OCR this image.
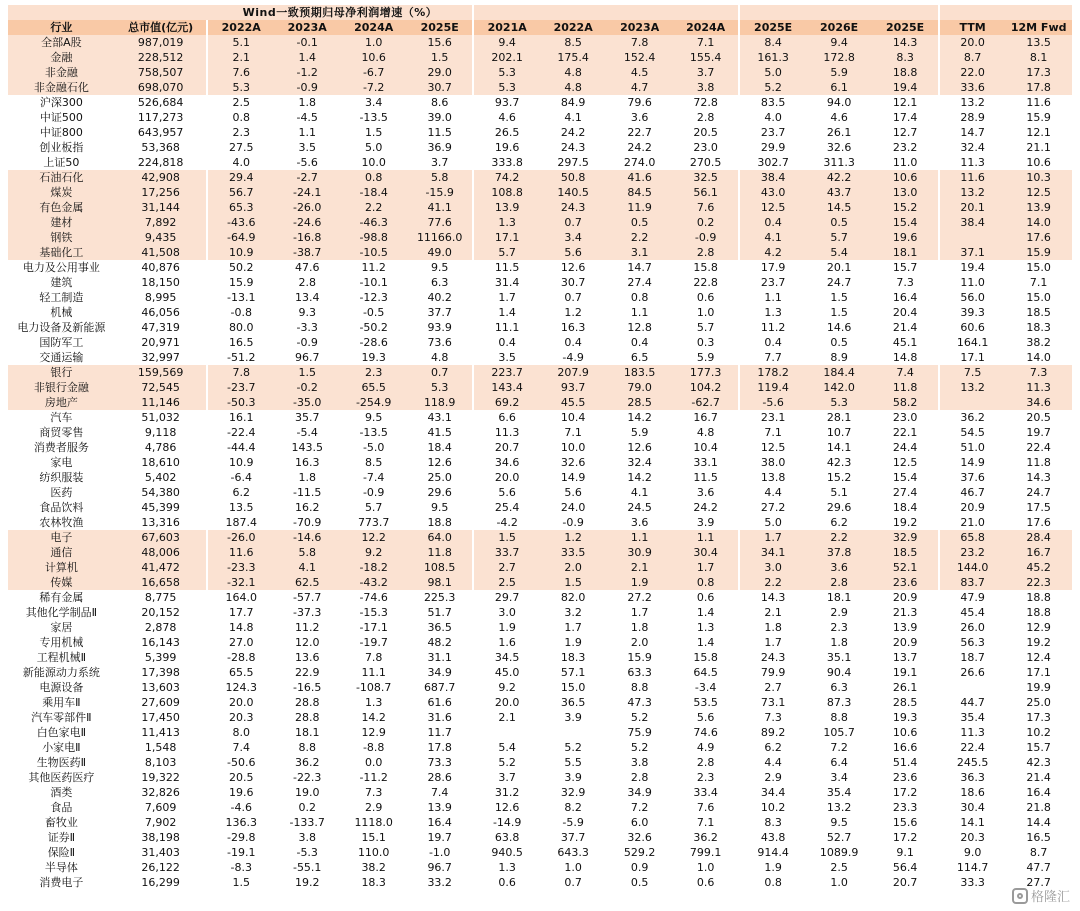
		Wind一致预期归母净利润增速（%）												
行业	总市值(亿元)	2022A	2023A	2024A	2025E	2021A	2022A	2023A	2024A	2025E	2026E	2025E	TTM	12M Fwd
全部A股	987,019	5.1	-0.1	1.0	15.6	9.4	8.5	7.8	7.1	8.4	9.4	14.3	20.0	13.5
金融	228,512	2.1	1.4	10.6	1.5	202.1	175.4	152.4	155.4	161.3	172.8	8.3	8.7	8.1
非金融	758,507	7.6	-1.2	-6.7	29.0	5.3	4.8	4.5	3.7	5.0	5.9	18.8	22.0	17.3
非金融石化	698,070	5.3	-0.9	-7.2	30.7	5.3	4.8	4.7	3.8	5.2	6.1	19.4	33.6	17.8
沪深300	526,684	2.5	1.8	3.4	8.6	93.7	84.9	79.6	72.8	83.5	94.0	12.1	13.2	11.6
中证500	117,273	0.8	-4.5	-13.5	39.0	4.6	4.1	3.6	2.8	4.0	4.6	17.4	28.9	15.9
中证800	643,957	2.3	1.1	1.5	11.5	26.5	24.2	22.7	20.5	23.7	26.1	12.7	14.7	12.1
创业板指	53,368	27.5	3.5	5.0	36.9	19.6	24.3	24.2	23.0	29.9	32.6	23.2	32.4	21.1
上证50	224,818	4.0	-5.6	10.0	3.7	333.8	297.5	274.0	270.5	302.7	311.3	11.0	11.3	10.6
石油石化	42,908	29.4	-2.7	0.8	5.8	74.2	50.8	41.6	32.5	38.4	42.2	10.6	11.6	10.3
煤炭	17,256	56.7	-24.1	-18.4	-15.9	108.8	140.5	84.5	56.1	43.0	43.7	13.0	13.2	12.5
有色金属	31,144	65.3	-26.0	2.2	41.1	13.9	24.3	11.9	7.6	12.5	14.5	15.2	20.1	13.9
建材	7,892	-43.6	-24.6	-46.3	77.6	1.3	0.7	0.5	0.2	0.4	0.5	15.4	38.4	14.0
钢铁	9,435	-64.9	-16.8	-98.8	11166.0	17.1	3.4	2.2	-0.9	4.1	5.7	19.6		17.6
基础化工	41,508	10.9	-38.7	-10.5	49.0	5.7	5.6	3.1	2.8	4.2	5.4	18.1	37.1	15.9
电力及公用事业	40,876	50.2	47.6	11.2	9.5	11.5	12.6	14.7	15.8	17.9	20.1	15.7	19.4	15.0
建筑	18,150	15.9	2.8	-10.1	6.3	31.4	30.7	27.4	22.8	23.7	24.7	7.3	11.0	7.1
轻工制造	8,995	-13.1	13.4	-12.3	40.2	1.7	0.7	0.8	0.6	1.1	1.5	16.4	56.0	15.0
机械	46,056	-0.8	9.3	-0.5	37.7	1.4	1.2	1.1	1.0	1.3	1.5	20.4	39.3	18.5
电力设备及新能源	47,319	80.0	-3.3	-50.2	93.9	11.1	16.3	12.8	5.7	11.2	14.6	21.4	60.6	18.3
国防军工	20,971	16.5	-0.9	-28.6	73.6	0.4	0.4	0.4	0.3	0.4	0.5	45.1	164.1	38.2
交通运输	32,997	-51.2	96.7	19.3	4.8	3.5	-4.9	6.5	5.9	7.7	8.9	14.8	17.1	14.0
银行	159,569	7.8	1.5	2.3	0.7	223.7	207.9	183.5	177.3	178.2	184.4	7.4	7.5	7.3
非银行金融	72,545	-23.7	-0.2	65.5	5.3	143.4	93.7	79.0	104.2	119.4	142.0	11.8	13.2	11.3
房地产	11,146	-50.3	-35.0	-254.9	118.9	69.2	45.5	28.5	-62.7	-5.6	5.3	58.2		34.6
汽车	51,032	16.1	35.7	9.5	43.1	6.6	10.4	14.2	16.7	23.1	28.1	23.0	36.2	20.5
商贸零售	9,118	-22.4	-5.4	-13.5	41.5	11.3	7.1	5.9	4.8	7.1	10.7	22.1	54.5	19.7
消费者服务	4,786	-44.4	143.5	-5.0	18.4	20.7	10.0	12.6	10.4	12.5	14.1	24.4	51.0	22.4
家电	18,610	10.9	16.3	8.5	12.6	34.6	32.6	32.4	33.1	38.0	42.3	12.5	14.9	11.8
纺织服装	5,402	-6.4	1.8	-7.4	25.0	20.0	14.9	14.2	11.5	13.8	15.2	15.4	37.6	14.3
医药	54,380	6.2	-11.5	-0.9	29.6	5.6	5.6	4.1	3.6	4.4	5.1	27.4	46.7	24.7
食品饮料	45,399	13.5	16.2	5.7	9.5	25.4	24.0	24.5	24.2	27.2	29.6	18.4	20.9	17.5
农林牧渔	13,316	187.4	-70.9	773.7	18.8	-4.2	-0.9	3.6	3.9	5.0	6.2	19.2	21.0	17.6
电子	67,603	-26.0	-14.6	12.2	64.0	1.5	1.2	1.1	1.1	1.7	2.2	32.9	65.8	28.4
通信	48,006	11.6	5.8	9.2	11.8	33.7	33.5	30.9	30.4	34.1	37.8	18.5	23.2	16.7
计算机	41,472	-23.3	4.1	-18.2	108.5	2.7	2.0	2.1	1.7	3.0	3.6	52.1	144.0	45.2
传媒	16,658	-32.1	62.5	-43.2	98.1	2.5	1.5	1.9	0.8	2.2	2.8	23.6	83.7	22.3
稀有金属	8,775	164.0	-57.7	-74.6	225.3	29.7	82.0	27.2	0.6	14.3	18.1	20.9	47.9	18.8
其他化学制品Ⅱ	20,152	17.7	-37.3	-15.3	51.7	3.0	3.2	1.7	1.4	2.1	2.9	21.3	45.4	18.8
家居	2,878	14.8	11.2	-17.1	36.5	1.9	1.7	1.8	1.3	1.8	2.3	13.9	26.0	12.9
专用机械	16,143	27.0	12.0	-19.7	48.2	1.6	1.9	2.0	1.4	1.7	1.8	20.9	56.3	19.2
工程机械Ⅱ	5,399	-28.8	13.6	7.8	31.1	34.5	18.3	15.9	15.8	24.3	35.1	13.7	18.7	12.4
新能源动力系统	17,398	65.5	22.9	11.1	34.9	45.0	57.1	63.3	64.5	79.9	90.4	19.1	26.6	17.1
电源设备	13,603	124.3	-16.5	-108.7	687.7	9.2	15.0	8.8	-3.4	2.7	6.3	26.1		19.9
乘用车Ⅱ	27,609	20.0	28.8	1.3	61.6	20.0	36.5	47.3	53.5	73.1	87.3	28.5	44.7	25.0
汽车零部件Ⅱ	17,450	20.3	28.8	14.2	31.6	2.1	3.9	5.2	5.6	7.3	8.8	19.3	35.4	17.3
白色家电Ⅱ	11,413	8.0	18.1	12.9	11.7			75.9	74.6	89.2	105.7	10.6	11.3	10.2
小家电Ⅱ	1,548	7.4	8.8	-8.8	17.8	5.4	5.2	5.2	4.9	6.2	7.2	16.6	22.4	15.7
生物医药Ⅱ	8,103	-50.6	36.2	0.0	73.3	5.2	5.5	3.8	2.8	4.4	6.4	51.4	245.5	42.3
其他医药医疗	19,322	20.5	-22.3	-11.2	28.6	3.7	3.9	2.8	2.3	2.9	3.4	23.6	36.3	21.4
酒类	32,826	19.6	19.0	7.3	7.4	31.2	32.9	34.9	33.4	34.4	35.4	17.2	18.6	16.4
食品	7,609	-4.6	0.2	2.9	13.9	12.6	8.2	7.2	7.6	10.2	13.2	23.3	30.4	21.8
畜牧业	7,902	136.3	-133.7	1118.0	16.4	-14.9	-5.9	6.0	7.1	8.3	9.5	15.6	14.1	14.4
证券Ⅱ	38,198	-29.8	3.8	15.1	19.7	63.8	37.7	32.6	36.2	43.8	52.7	17.2	20.3	16.5
保险Ⅱ	31,403	-19.1	-5.3	110.0	-1.0	940.5	643.3	529.2	799.1	914.4	1089.9	9.1	9.0	8.7
半导体	26,122	-8.3	-55.1	38.2	96.7	1.3	1.0	0.9	1.0	1.9	2.5	56.4	114.7	47.7
消费电子	16,299	1.5	19.2	18.3	33.2	0.6	0.7	0.5	0.6	0.8	1.0	20.7	33.3	27.7
格隆汇
